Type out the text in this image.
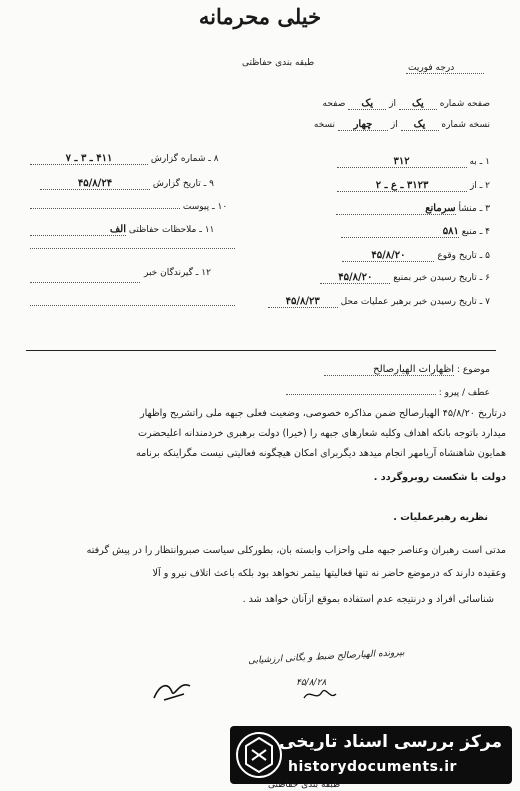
خیلی محرمانه
طبقه بندی حفاظتی	درجه فوریت
صفحه شماره یک از یک صفحه
نسخه شماره یک از چهار نسخه
۱ ـ به ۳۱۲
۲ ـ از ۳۱۲۳ ـ ع ـ ۲
۳ ـ منشأ سرمانع
۴ ـ منبع ۵۸۱
۵ ـ تاریخ وقوع ۴۵/۸/۲۰
۶ ـ تاریخ رسیدن خبر بمنبع ۴۵/۸/۲۰
۷ ـ تاریخ رسیدن خبر برهبر عملیات محل ۴۵/۸/۲۳
۸ ـ شماره گزارش ۴۱۱ ـ ۳ ـ ۷
۹ ـ تاریخ گزارش ۴۵/۸/۲۴
۱۰ ـ پیوست
۱۱ ـ ملاحظات حفاظتی الف
۱۲ ـ گیرندگان خبر
موضوع : اظهارات الهیارصالح
عطف / پیرو :
درتاریخ ۴۵/۸/۲۰ الهیارصالح ضمن مذاکره خصوصی، وضعیت فعلی جبهه ملی راتشریح واظهار
میدارد باتوجه بانکه اهداف وکلیه شعارهای جبهه را (خیرا) دولت برهبری خردمندانه اعلیحضرت
همایون شاهنشاه آریامهر انجام میدهد دیگربرای امکان هیچگونه فعالیتی نیست مگراینکه برنامه
دولت با شکست روبروگردد .
نظریه رهبرعملیات .
مدتی است رهبران وعناصر جبهه ملی واحزاب وابسته بان، بطورکلی سیاست صبروانتظار را در پیش گرفته
وعقیده دارند که درموضع حاضر نه تنها فعالیتها بیثمر نخواهد بود بلکه باعث اتلاف نیرو و آلا
شناسائی افراد و درنتیجه عدم استفاده بموقع ازآنان خواهد شد .
بپرونده الهیارصالح ضبط و بگانی ارزشیابی
۴۵/۸/۲۸
مرکز بررسی اسناد تاریخی
historydocuments.ir
طبقه بندی حفاظتی
